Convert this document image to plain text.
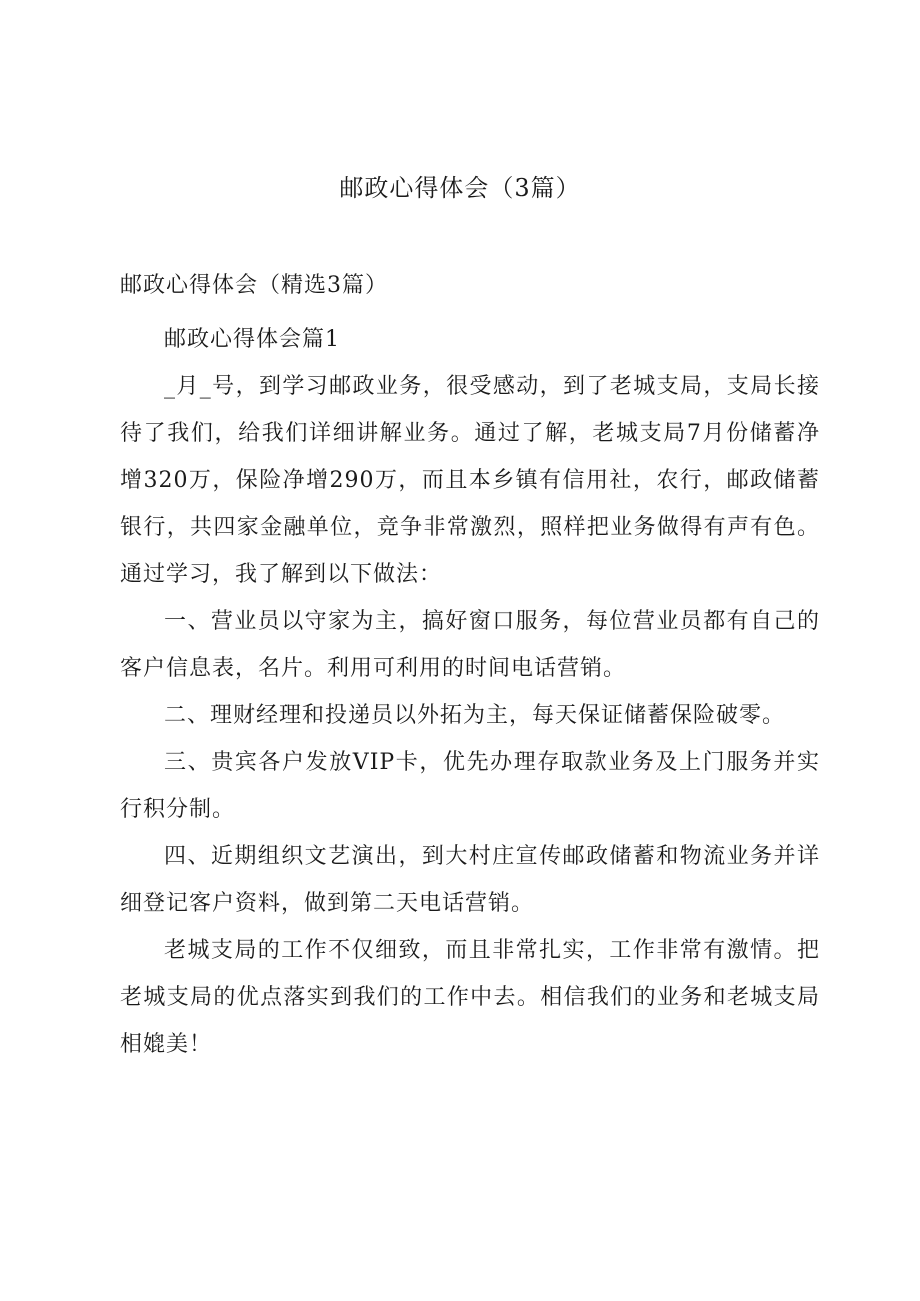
邮政心得体会（3篇）
邮政心得体会（精选3篇）

邮政心得体会篇1

_月_号，到学习邮政业务，很受感动，到了老城支局，支局长接待了我们，给我们详细讲解业务。通过了解，老城支局7月份储蓄净增320万，保险净增290万，而且本乡镇有信用社，农行，邮政储蓄银行，共四家金融单位，竞争非常激烈，照样把业务做得有声有色。通过学习，我了解到以下做法：

一、营业员以守家为主，搞好窗口服务，每位营业员都有自己的客户信息表，名片。利用可利用的时间电话营销。

二、理财经理和投递员以外拓为主，每天保证储蓄保险破零。

三、贵宾各户发放VIP卡，优先办理存取款业务及上门服务并实行积分制。

四、近期组织文艺演出，到大村庄宣传邮政储蓄和物流业务并详细登记客户资料，做到第二天电话营销。

老城支局的工作不仅细致，而且非常扎实，工作非常有激情。把老城支局的优点落实到我们的工作中去。相信我们的业务和老城支局相媲美！
